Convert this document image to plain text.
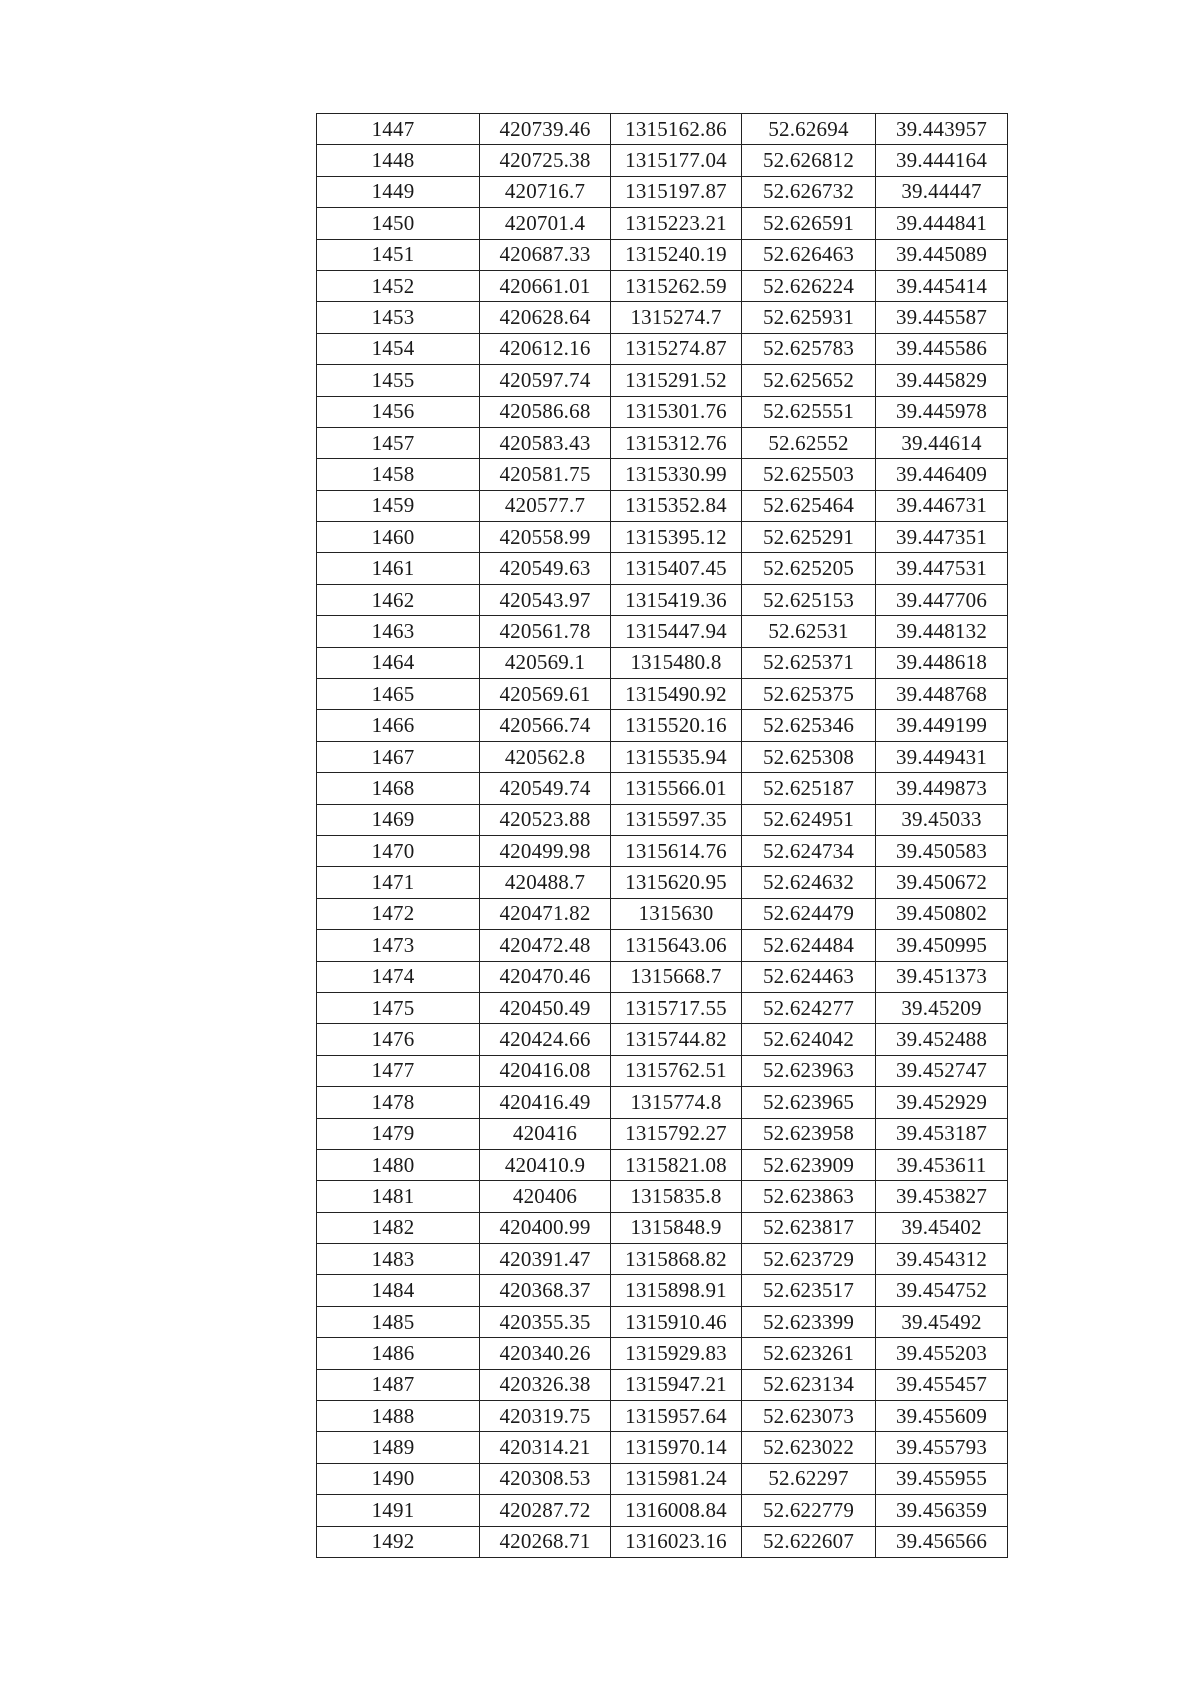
1447	420739.46	1315162.86	52.62694	39.443957
1448	420725.38	1315177.04	52.626812	39.444164
1449	420716.7	1315197.87	52.626732	39.44447
1450	420701.4	1315223.21	52.626591	39.444841
1451	420687.33	1315240.19	52.626463	39.445089
1452	420661.01	1315262.59	52.626224	39.445414
1453	420628.64	1315274.7	52.625931	39.445587
1454	420612.16	1315274.87	52.625783	39.445586
1455	420597.74	1315291.52	52.625652	39.445829
1456	420586.68	1315301.76	52.625551	39.445978
1457	420583.43	1315312.76	52.62552	39.44614
1458	420581.75	1315330.99	52.625503	39.446409
1459	420577.7	1315352.84	52.625464	39.446731
1460	420558.99	1315395.12	52.625291	39.447351
1461	420549.63	1315407.45	52.625205	39.447531
1462	420543.97	1315419.36	52.625153	39.447706
1463	420561.78	1315447.94	52.62531	39.448132
1464	420569.1	1315480.8	52.625371	39.448618
1465	420569.61	1315490.92	52.625375	39.448768
1466	420566.74	1315520.16	52.625346	39.449199
1467	420562.8	1315535.94	52.625308	39.449431
1468	420549.74	1315566.01	52.625187	39.449873
1469	420523.88	1315597.35	52.624951	39.45033
1470	420499.98	1315614.76	52.624734	39.450583
1471	420488.7	1315620.95	52.624632	39.450672
1472	420471.82	1315630	52.624479	39.450802
1473	420472.48	1315643.06	52.624484	39.450995
1474	420470.46	1315668.7	52.624463	39.451373
1475	420450.49	1315717.55	52.624277	39.45209
1476	420424.66	1315744.82	52.624042	39.452488
1477	420416.08	1315762.51	52.623963	39.452747
1478	420416.49	1315774.8	52.623965	39.452929
1479	420416	1315792.27	52.623958	39.453187
1480	420410.9	1315821.08	52.623909	39.453611
1481	420406	1315835.8	52.623863	39.453827
1482	420400.99	1315848.9	52.623817	39.45402
1483	420391.47	1315868.82	52.623729	39.454312
1484	420368.37	1315898.91	52.623517	39.454752
1485	420355.35	1315910.46	52.623399	39.45492
1486	420340.26	1315929.83	52.623261	39.455203
1487	420326.38	1315947.21	52.623134	39.455457
1488	420319.75	1315957.64	52.623073	39.455609
1489	420314.21	1315970.14	52.623022	39.455793
1490	420308.53	1315981.24	52.62297	39.455955
1491	420287.72	1316008.84	52.622779	39.456359
1492	420268.71	1316023.16	52.622607	39.456566
